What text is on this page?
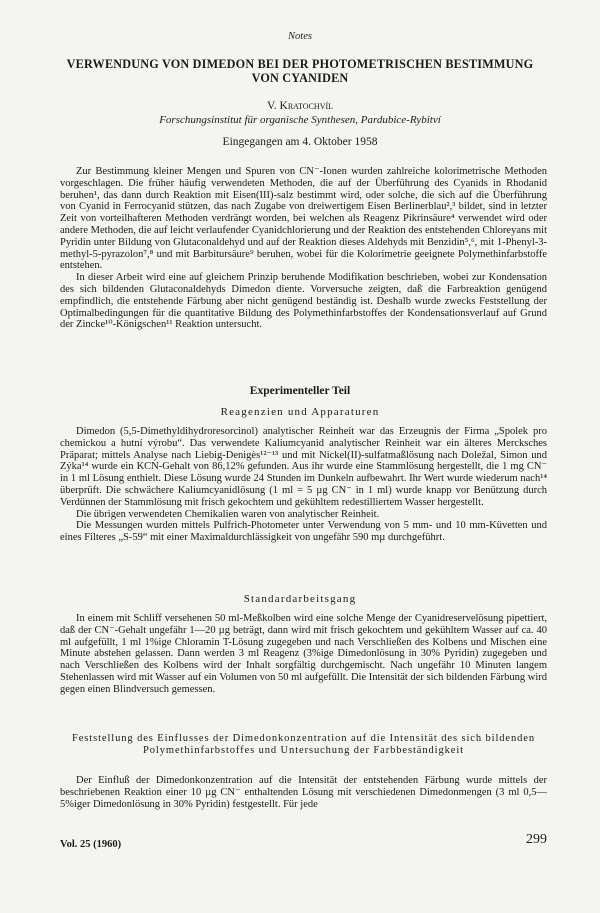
Notes
VERWENDUNG VON DIMEDON BEI DER PHOTOMETRISCHEN BESTIMMUNG VON CYANIDEN
V. Kratochvíl
Forschungsinstitut für organische Synthesen, Pardubice-Rybitví
Eingegangen am 4. Oktober 1958

Zur Bestimmung kleiner Mengen und Spuren von CN⁻-Ionen wurden zahlreiche kolorimetrische Methoden vorgeschlagen. Die früher häufig verwendeten Methoden, die auf der Überführung des Cyanids in Rhodanid beruhen¹, das dann durch Reaktion mit Eisen(III)-salz bestimmt wird, oder solche, die sich auf die Überführung von Cyanid in Ferrocyanid stützen, das nach Zugabe von dreiwertigem Eisen Berlinerblau²,³ bildet, sind in letzter Zeit von vorteilhafteren Methoden verdrängt worden, bei welchen als Reagenz Pikrinsäure⁴ verwendet wird oder andere Methoden, die auf leicht verlaufender Cyanidchlorierung und der Reaktion des entstehenden Chloreyans mit Pyridin unter Bildung von Glutaconaldehyd und auf der Reaktion dieses Aldehyds mit Benzidin⁵,⁶, mit 1-Phenyl-3-methyl-5-pyrazolon⁷,⁸ und mit Barbitursäure⁹ beruhen, wobei für die Kolorimetrie geeignete Polymethinfarbstoffe entstehen.

In dieser Arbeit wird eine auf gleichem Prinzip beruhende Modifikation beschrieben, wobei zur Kondensation des sich bildenden Glutaconaldehyds Dimedon diente. Vorversuche zeigten, daß die Farbreaktion genügend empfindlich, die entstehende Färbung aber nicht genügend beständig ist. Deshalb wurde zwecks Feststellung der Optimalbedingungen für die quantitative Bildung des Polymethinfarbstoffes der Kondensationsverlauf auf Grund der Zincke¹⁰-Königschen¹¹ Reaktion untersucht.

Experimenteller Teil
Reagenzien und Apparaturen

Dimedon (5,5-Dimethyldihydroresorcinol) analytischer Reinheit war das Erzeugnis der Firma „Spolek pro chemickou a hutní výrobu“. Das verwendete Kaliumcyanid analytischer Reinheit war ein älteres Mercksches Präparat; mittels Analyse nach Liebig-Denigès¹²⁻¹³ und mit Nickel(II)-sulfatmaßlösung nach Doležal, Simon und Zýka¹⁴ wurde ein KCN-Gehalt von 86,12% gefunden. Aus ihr wurde eine Stammlösung hergestellt, die 1 mg CN⁻ in 1 ml Lösung enthielt. Diese Lösung wurde 24 Stunden im Dunkeln aufbewahrt. Ihr Wert wurde wiederum nach¹⁴ überprüft. Die schwächere Kaliumcyanidlösung (1 ml = 5 µg CN⁻ in 1 ml) wurde knapp vor Benützung durch Verdünnen der Stammlösung mit frisch gekochtem und gekühltem redestilliertem Wasser hergestellt.

Die übrigen verwendeten Chemikalien waren von analytischer Reinheit.

Die Messungen wurden mittels Pulfrich-Photometer unter Verwendung von 5 mm- und 10 mm-Küvetten und eines Filteres „S-59“ mit einer Maximaldurchlässigkeit von ungefähr 590 mµ durchgeführt.

Standardarbeitsgang

In einem mit Schliff versehenen 50 ml-Meßkolben wird eine solche Menge der Cyanidreservelösung pipettiert, daß der CN⁻-Gehalt ungefähr 1—20 µg beträgt, dann wird mit frisch gekochtem und gekühltem Wasser auf ca. 40 ml aufgefüllt, 1 ml 1%ige Chloramin T-Lösung zugegeben und nach Verschließen des Kolbens und Mischen eine Minute abstehen gelassen. Dann werden 3 ml Reagenz (3%ige Dimedonlösung in 30% Pyridin) zugegeben und nach Verschließen des Kolbens wird der Inhalt sorgfältig durchgemischt. Nach ungefähr 10 Minuten langem Stehenlassen wird mit Wasser auf ein Volumen von 50 ml aufgefüllt. Die Intensität der sich bildenden Färbung wird gegen einen Blindversuch gemessen.

Feststellung des Einflusses der Dimedonkonzentration auf die Intensität des sich bildenden Polymethinfarbstoffes und Untersuchung der Farbbeständigkeit

Der Einfluß der Dimedonkonzentration auf die Intensität der entstehenden Färbung wurde mittels der beschriebenen Reaktion einer 10 µg CN⁻ enthaltenden Lösung mit verschiedenen Dimedonmengen (3 ml 0,5—5%iger Dimedonlösung in 30% Pyridin) festgestellt. Für jede

Vol. 25 (1960)	299
